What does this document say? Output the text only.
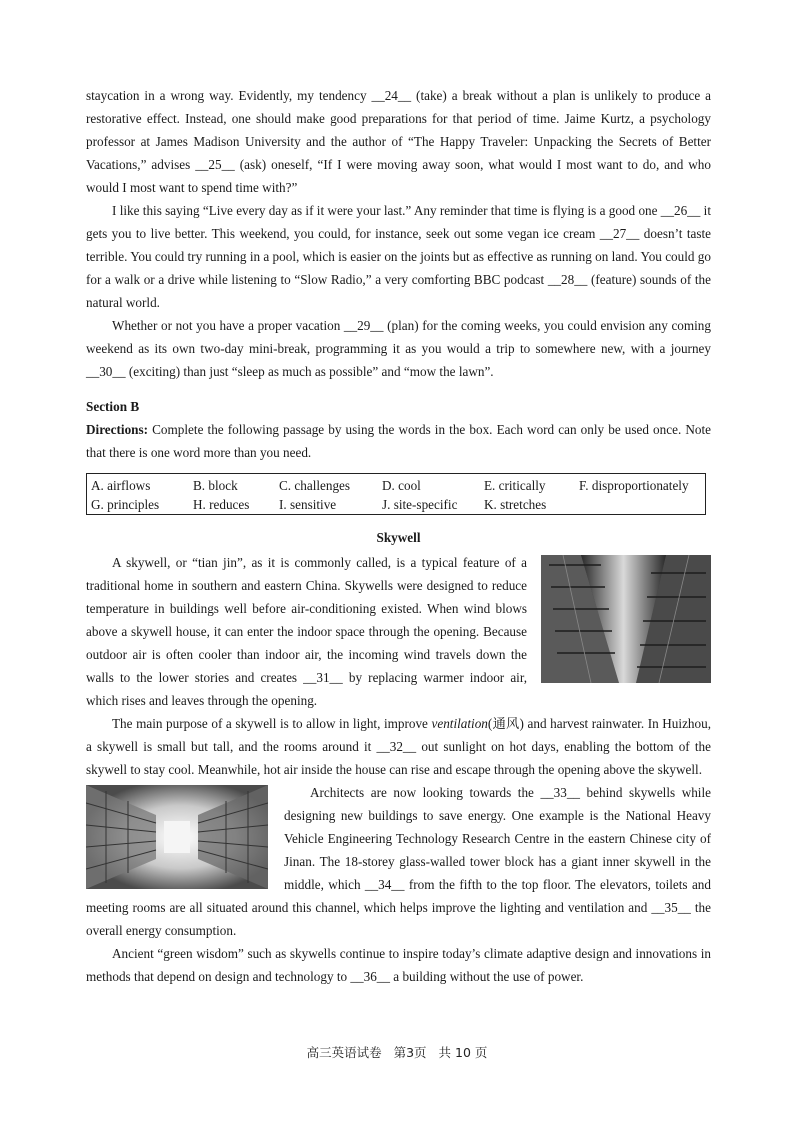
staycation in a wrong way. Evidently, my tendency __24__ (take) a break without a plan is unlikely to produce a restorative effect. Instead, one should make good preparations for that period of time. Jaime Kurtz, a psychology professor at James Madison University and the author of “The Happy Traveler: Unpacking the Secrets of Better Vacations,” advises __25__ (ask) oneself, “If I were moving away soon, what would I most want to do, and who would I most want to spend time with?”

I like this saying “Live every day as if it were your last.” Any reminder that time is flying is a good one __26__ it gets you to live better. This weekend, you could, for instance, seek out some vegan ice cream __27__ doesn’t taste terrible. You could try running in a pool, which is easier on the joints but as effective as running on land. You could go for a walk or a drive while listening to “Slow Radio,” a very comforting BBC podcast __28__ (feature) sounds of the natural world.

Whether or not you have a proper vacation __29__ (plan) for the coming weeks, you could envision any coming weekend as its own two-day mini-break, programming it as you would a trip to somewhere new, with a journey __30__ (exciting) than just “sleep as much as possible” and “mow the lawn”.

Section B
Directions: Complete the following passage by using the words in the box. Each word can only be used once. Note that there is one word more than you need.
A. airflows	B. block	C. challenges	D. cool	E. critically	F. disproportionately
G. principles	H. reduces	I. sensitive	J. site-specific	K. stretches
Skywell

A skywell, or “tian jin”, as it is commonly called, is a typical feature of a traditional home in southern and eastern China. Skywells were designed to reduce temperature in buildings well before air-conditioning existed. When wind blows above a skywell house, it can enter the indoor space through the opening. Because outdoor air is often cooler than indoor air, the incoming wind travels down the walls to the lower stories and creates __31__ by replacing warmer indoor air, which rises and leaves through the opening.

The main purpose of a skywell is to allow in light, improve ventilation(通风) and harvest rainwater. In Huizhou, a skywell is small but tall, and the rooms around it __32__ out sunlight on hot days, enabling the bottom of the skywell to stay cool. Meanwhile, hot air inside the house can rise and escape through the opening above the skywell.

Architects are now looking towards the __33__ behind skywells while designing new buildings to save energy. One example is the National Heavy Vehicle Engineering Technology Research Centre in the eastern Chinese city of Jinan. The 18-storey glass-walled tower block has a giant inner skywell in the middle, which __34__ from the fifth to the top floor. The elevators, toilets and meeting rooms are all situated around this channel, which helps improve the lighting and ventilation and __35__ the overall energy consumption.

Ancient “green wisdom” such as skywells continue to inspire today’s climate adaptive design and innovations in methods that depend on design and technology to __36__ a building without the use of power.

高三英语试卷 第3页 共 10 页
